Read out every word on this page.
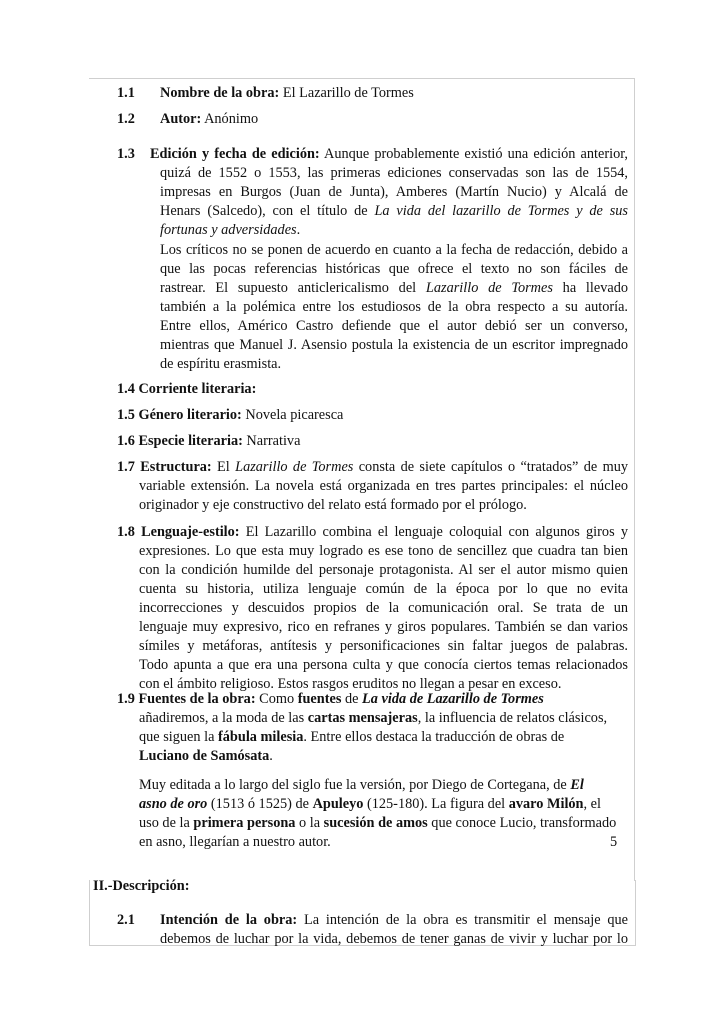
1.1 Nombre de la obra: El Lazarillo de Tormes
1.2 Autor: Anónimo
1.3 Edición y fecha de edición: Aunque probablemente existió una edición anterior,
quizá de 1552 o 1553, las primeras ediciones conservadas son las de 1554,
impresas en Burgos (Juan de Junta), Amberes (Martín Nucio) y Alcalá de
Henars (Salcedo), con el título de La vida del lazarillo de Tormes y de sus
fortunas y adversidades.
Los críticos no se ponen de acuerdo en cuanto a la fecha de redacción, debido a
que las pocas referencias históricas que ofrece el texto no son fáciles de
rastrear. El supuesto anticlericalismo del Lazarillo de Tormes ha llevado
también a la polémica entre los estudiosos de la obra respecto a su autoría.
Entre ellos, Américo Castro defiende que el autor debió ser un converso,
mientras que Manuel J. Asensio postula la existencia de un escritor impregnado
de espíritu erasmista.
1.4 Corriente literaria:
1.5 Género literario: Novela picaresca
1.6 Especie literaria: Narrativa
1.7 Estructura: El Lazarillo de Tormes consta de siete capítulos o “tratados” de muy
variable extensión. La novela está organizada en tres partes principales: el núcleo
originador y eje constructivo del relato está formado por el prólogo.
1.8 Lenguaje-estilo: El Lazarillo combina el lenguaje coloquial con algunos giros y
expresiones. Lo que esta muy logrado es ese tono de sencillez que cuadra tan bien
con la condición humilde del personaje protagonista. Al ser el autor mismo quien
cuenta su historia, utiliza lenguaje común de la época por lo que no evita
incorrecciones y descuidos propios de la comunicación oral. Se trata de un
lenguaje muy expresivo, rico en refranes y giros populares. También se dan varios
símiles y metáforas, antítesis y personificaciones sin faltar juegos de palabras.
Todo apunta a que era una persona culta y que conocía ciertos temas relacionados
con el ámbito religioso. Estos rasgos eruditos no llegan a pesar en exceso.
1.9 Fuentes de la obra: Como fuentes de La vida de Lazarillo de Tormes
añadiremos, a la moda de las cartas mensajeras, la influencia de relatos clásicos,
que siguen la fábula milesia. Entre ellos destaca la traducción de obras de
Luciano de Samósata.
Muy editada a lo largo del siglo fue la versión, por Diego de Cortegana, de El
asno de oro (1513 ó 1525) de Apuleyo (125-180). La figura del avaro Milón, el
uso de la primera persona o la sucesión de amos que conoce Lucio, transformado
en asno, llegarían a nuestro autor.	5
II.-Descripción:
2.1 Intención de la obra: La intención de la obra es transmitir el mensaje que
debemos de luchar por la vida, debemos de tener ganas de vivir y luchar por lo
